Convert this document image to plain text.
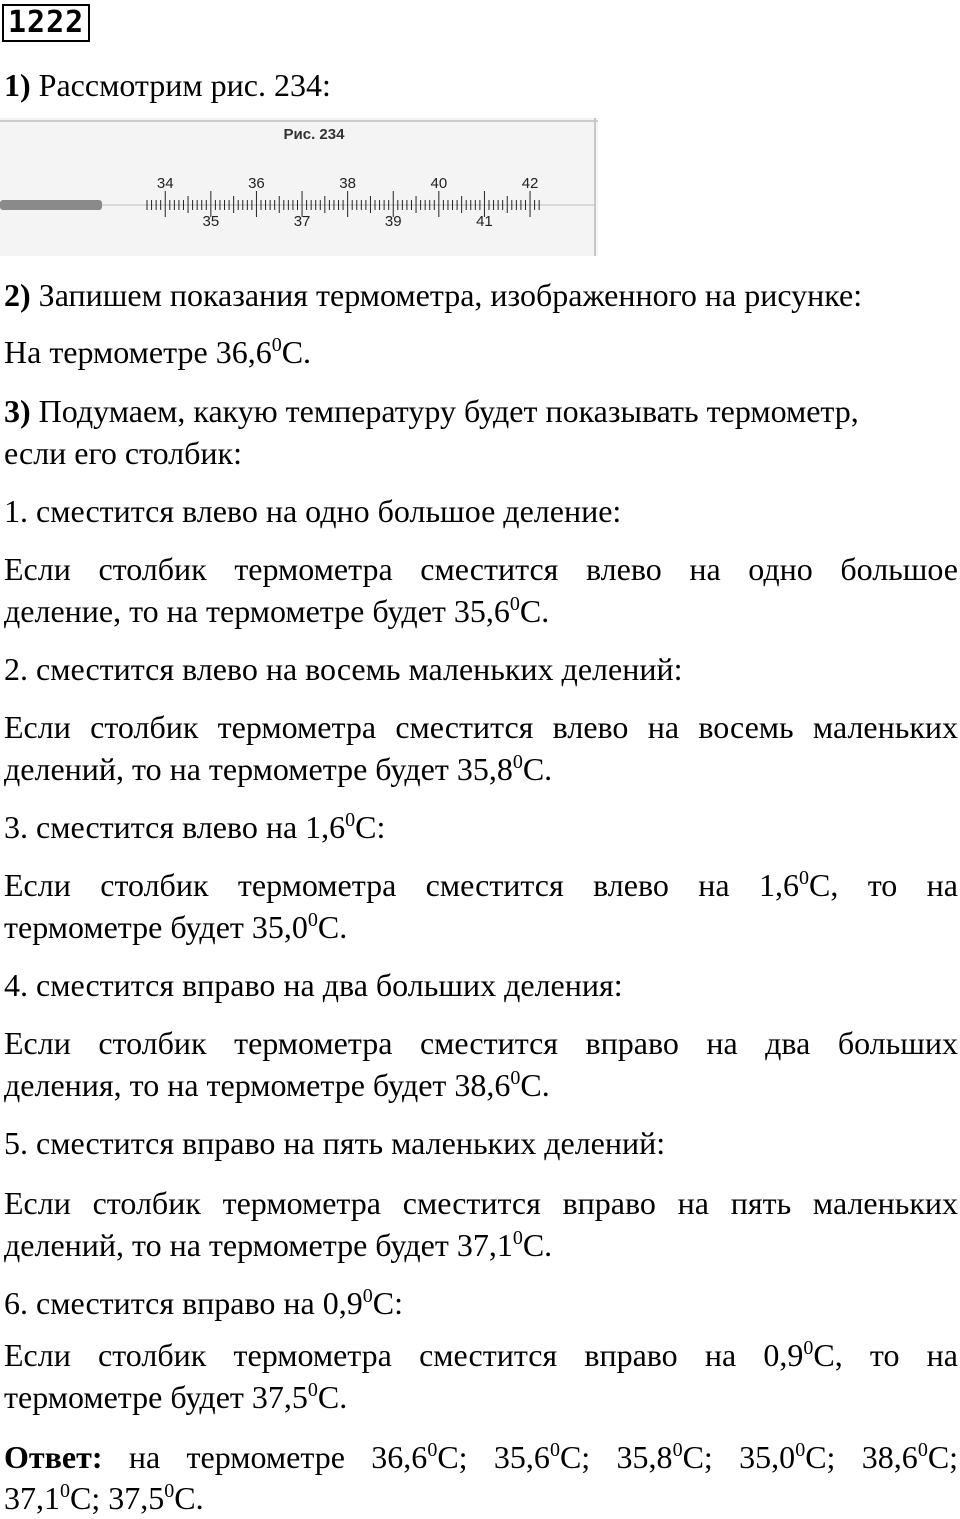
1222

1) Рассмотрим рис. 234:

Рис. 234
34	36	38	40	42
35	37	39	41

2) Запишем показания термометра, изображенного на рисунке:

На термометре 36,6$^0$С.

3) Подумаем, какую температуру будет показывать термометр,

если его столбик:

1. сместится влево на одно большое деление:

Если столбик термометра сместится влево на одно большое

деление, то на термометре будет 35,6$^0$С.

2. сместится влево на восемь маленьких делений:

Если столбик термометра сместится влево на восемь маленьких

делений, то на термометре будет 35,8$^0$С.

3. сместится влево на $1,6^0С$:

Если столбик термометра сместится влево на $1,6^0С$, то на

термометре будет 35,0$^0$С.

4. сместится вправо на два больших деления:

Если столбик термометра сместится вправо на два больших

деления, то на термометре будет 38,6$^0$С.

5. сместится вправо на пять маленьких делений:

Если столбик термометра сместится вправо на пять маленьких

делений, то на термометре будет 37,1$^0$С.

6. сместится вправо на $0,9^0С$:

Если столбик термометра сместится вправо на $0,9^0С$, то на

термометре будет 37,5$^0$С.

Ответ: на термометре 36,6$^0$С; 35,6$^0$С; 35,8$^0$С; 35,0$^0$С; 38,6$^0$С;

37,1$^0$С; 37,5$^0$С.
